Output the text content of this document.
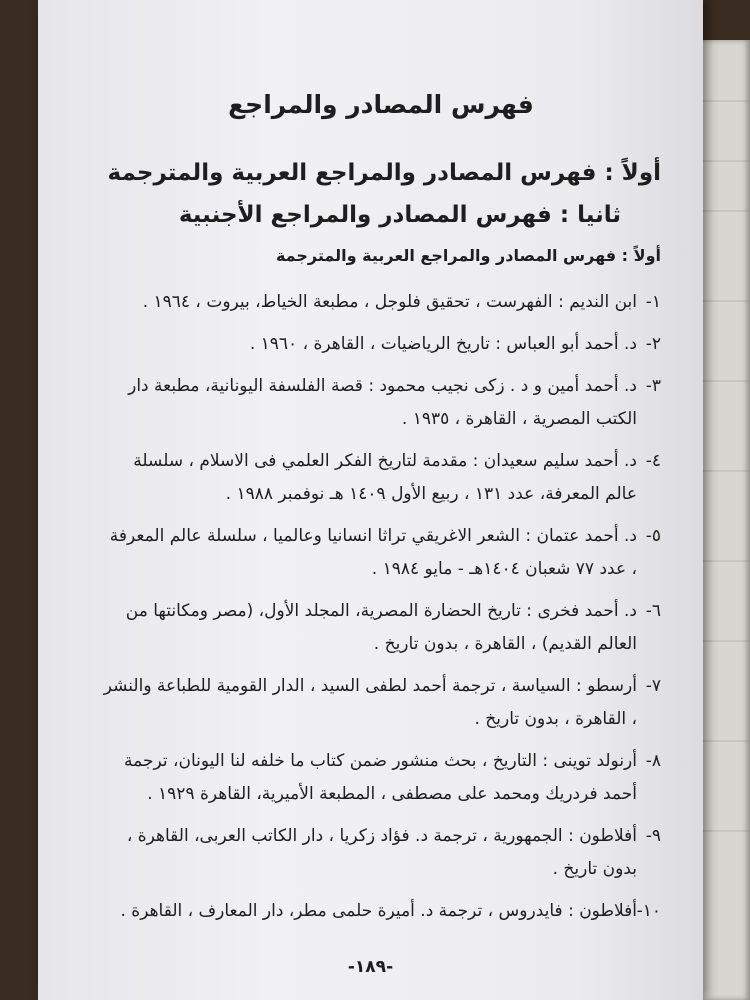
فهرس المصادر والمراجع
أولاً : فهرس المصادر والمراجع العربية والمترجمة
ثانيا : فهرس المصادر والمراجع الأجنبية
أولاً : فهرس المصادر والمراجع العربية والمترجمة
١-
ابن النديم : الفهرست ، تحقيق فلوجل ، مطبعة الخياط، بيروت ، ١٩٦٤ .
٢-
د. أحمد أبو العباس : تاريخ الرياضيات ، القاهرة ، ١٩٦٠ .
٣-
د. أحمد أمين و د . زكى نجيب محمود : قصة الفلسفة اليونانية، مطبعة دار الكتب المصرية ، القاهرة ، ١٩٣٥ .
٤-
د. أحمد سليم سعيدان : مقدمة لتاريخ الفكر العلمي فى الاسلام ، سلسلة عالم المعرفة، عدد ١٣١ ، ربيع الأول ١٤٠٩ هـ نوفمبر ١٩٨٨ .
٥-
د. أحمد عتمان : الشعر الاغريقي تراثا انسانيا وعالميا ، سلسلة عالم المعرفة ، عدد ٧٧ شعبان ١٤٠٤هـ - مايو ١٩٨٤ .
٦-
د. أحمد فخرى : تاريخ الحضارة المصرية، المجلد الأول، (مصر ومكانتها من العالم القديم) ، القاهرة ، بدون تاريخ .
٧-
أرسطو : السياسة ، ترجمة أحمد لطفى السيد ، الدار القومية للطباعة والنشر ، القاهرة ، بدون تاريخ .
٨-
أرنولد توينى : التاريخ ، بحث منشور ضمن كتاب ما خلفه لنا اليونان، ترجمة أحمد فردريك ومحمد على مصطفى ، المطبعة الأميرية، القاهرة ١٩٢٩ .
٩-
أفلاطون : الجمهورية ، ترجمة د. فؤاد زكريا ، دار الكاتب العربى، القاهرة ، بدون تاريخ .
١٠-
أفلاطون : فايدروس ، ترجمة د. أميرة حلمى مطر، دار المعارف ، القاهرة .
-١٨٩-
